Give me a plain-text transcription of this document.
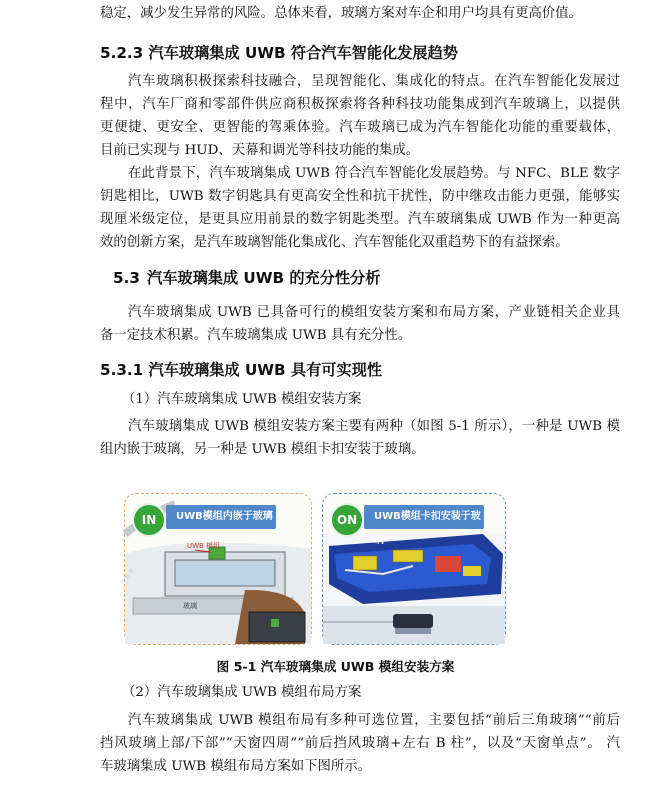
稳定，减少发生异常的风险。总体来看，玻璃方案对车企和用户均具有更高价值。
5.2.3 汽车玻璃集成 UWB 符合汽车智能化发展趋势
汽车玻璃积极探索科技融合，呈现智能化、集成化的特点。在汽车智能化发展过
程中，汽车厂商和零部件供应商积极探索将各种科技功能集成到汽车玻璃上，以提供
更便捷、更安全、更智能的驾乘体验。汽车玻璃已成为汽车智能化功能的重要载体，
目前已实现与 HUD、天幕和调光等科技功能的集成。
在此背景下，汽车玻璃集成 UWB 符合汽车智能化发展趋势。与 NFC、BLE 数字
钥匙相比，UWB 数字钥匙具有更高安全性和抗干扰性，防中继攻击能力更强，能够实
现厘米级定位，是更具应用前景的数字钥匙类型。汽车玻璃集成 UWB 作为一种更高
效的创新方案，是汽车玻璃智能化集成化、汽车智能化双重趋势下的有益探索。
5.3 汽车玻璃集成 UWB 的充分性分析
汽车玻璃集成 UWB 已具备可行的模组安装方案和布局方案，产业链相关企业具
备一定技术积累。汽车玻璃集成 UWB 具有充分性。
5.3.1 汽车玻璃集成 UWB 具有可实现性
（1）汽车玻璃集成 UWB 模组安装方案
汽车玻璃集成 UWB 模组安装方案主要有两种（如图 5-1 所示），一种是 UWB 模
组内嵌于玻璃，另一种是 UWB 模组卡扣安装于玻璃。
IN	UWB模组内嵌于玻璃
UWB 模组
玻璃
⋯
ON	UWB模组卡扣安装于玻璃
图 5-1 汽车玻璃集成 UWB 模组安装方案
（2）汽车玻璃集成 UWB 模组布局方案
汽车玻璃集成 UWB 模组布局有多种可选位置，主要包括“前后三角玻璃”“前后
挡风玻璃上部/下部”“天窗四周”“前后挡风玻璃+左右 B 柱”，以及“天窗单点”。 汽
车玻璃集成 UWB 模组布局方案如下图所示。
